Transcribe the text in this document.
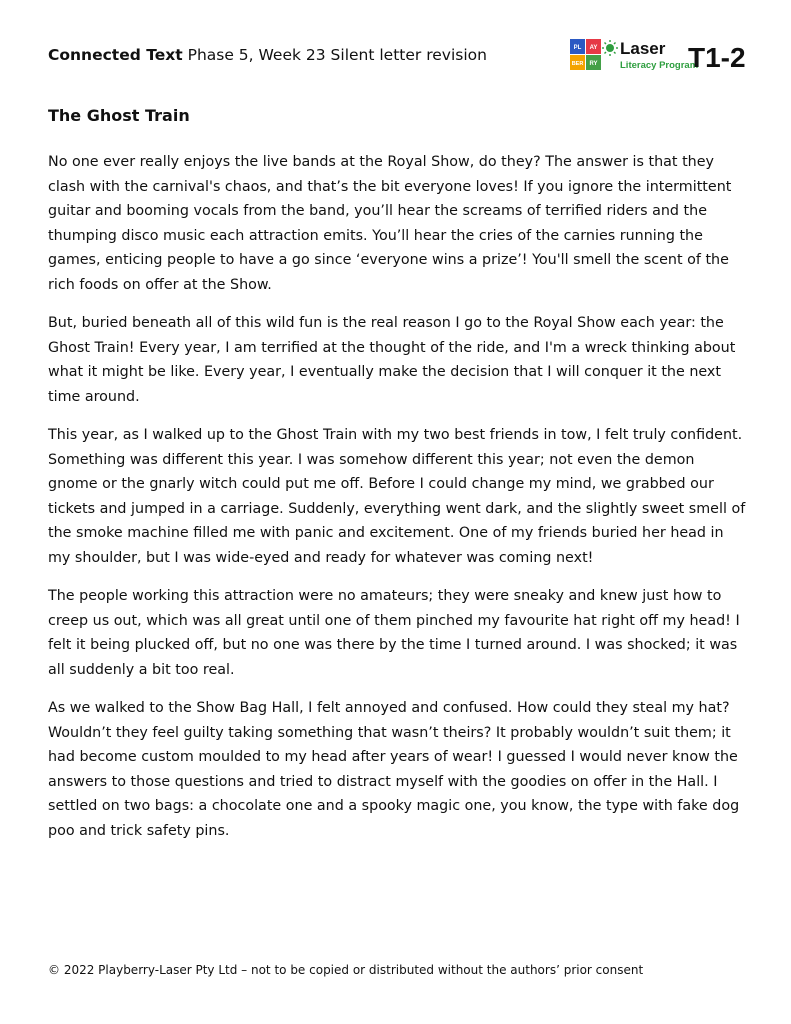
Connected Text Phase 5, Week 23 Silent letter revision	PL AY
BER RY
Laser
Literacy Program
T1-2
The Ghost Train

No one ever really enjoys the live bands at the Royal Show, do they? The answer is that they clash with the carnival's chaos, and that’s the bit everyone loves! If you ignore the intermittent guitar and booming vocals from the band, you’ll hear the screams of terrified riders and the thumping disco music each attraction emits. You’ll hear the cries of the carnies running the games, enticing people to have a go since ‘everyone wins a prize’! You'll smell the scent of the rich foods on offer at the Show.

But, buried beneath all of this wild fun is the real reason I go to the Royal Show each year: the Ghost Train! Every year, I am terrified at the thought of the ride, and I'm a wreck thinking about what it might be like. Every year, I eventually make the decision that I will conquer it the next time around.

This year, as I walked up to the Ghost Train with my two best friends in tow, I felt truly confident. Something was different this year. I was somehow different this year; not even the demon gnome or the gnarly witch could put me off. Before I could change my mind, we grabbed our tickets and jumped in a carriage. Suddenly, everything went dark, and the slightly sweet smell of the smoke machine filled me with panic and excitement. One of my friends buried her head in my shoulder, but I was wide-eyed and ready for whatever was coming next!

The people working this attraction were no amateurs; they were sneaky and knew just how to creep us out, which was all great until one of them pinched my favourite hat right off my head! I felt it being plucked off, but no one was there by the time I turned around. I was shocked; it was all suddenly a bit too real.

As we walked to the Show Bag Hall, I felt annoyed and confused. How could they steal my hat? Wouldn’t they feel guilty taking something that wasn’t theirs? It probably wouldn’t suit them; it had become custom moulded to my head after years of wear! I guessed I would never know the answers to those questions and tried to distract myself with the goodies on offer in the Hall. I settled on two bags: a chocolate one and a spooky magic one, you know, the type with fake dog poo and trick safety pins.

© 2022 Playberry-Laser Pty Ltd – not to be copied or distributed without the authors’ prior consent
